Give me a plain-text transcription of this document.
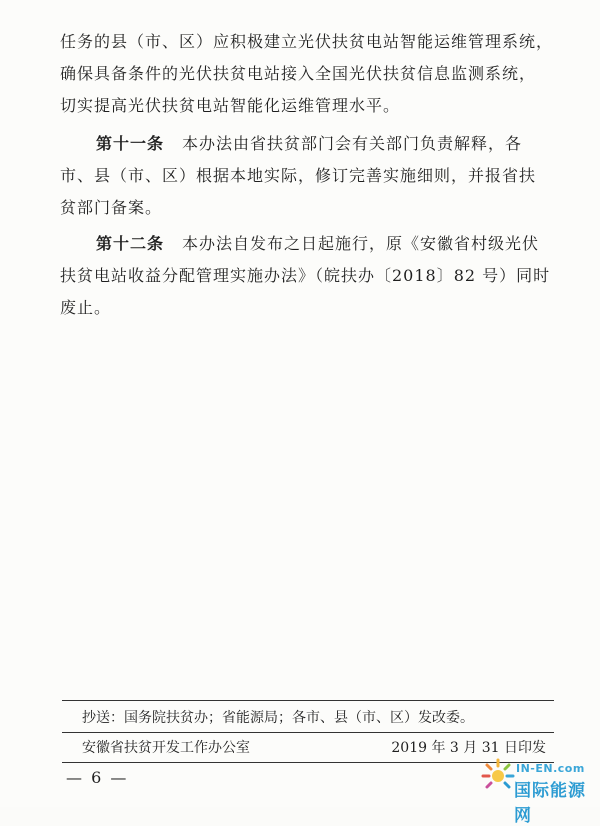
任务的县（市、区）应积极建立光伏扶贫电站智能运维管理系统，
确保具备条件的光伏扶贫电站接入全国光伏扶贫信息监测系统，
切实提高光伏扶贫电站智能化运维管理水平。
第十一条 本办法由省扶贫部门会有关部门负责解释，各
市、县（市、区）根据本地实际，修订完善实施细则，并报省扶
贫部门备案。
第十二条 本办法自发布之日起施行，原《安徽省村级光伏
扶贫电站收益分配管理实施办法》（皖扶办〔2018〕82 号）同时
废止。
抄送：国务院扶贫办；省能源局；各市、县（市、区）发改委。
安徽省扶贫开发工作办公室	2019 年 3 月 31 日印发
— 6 —	IN-EN.com
国际能源网
